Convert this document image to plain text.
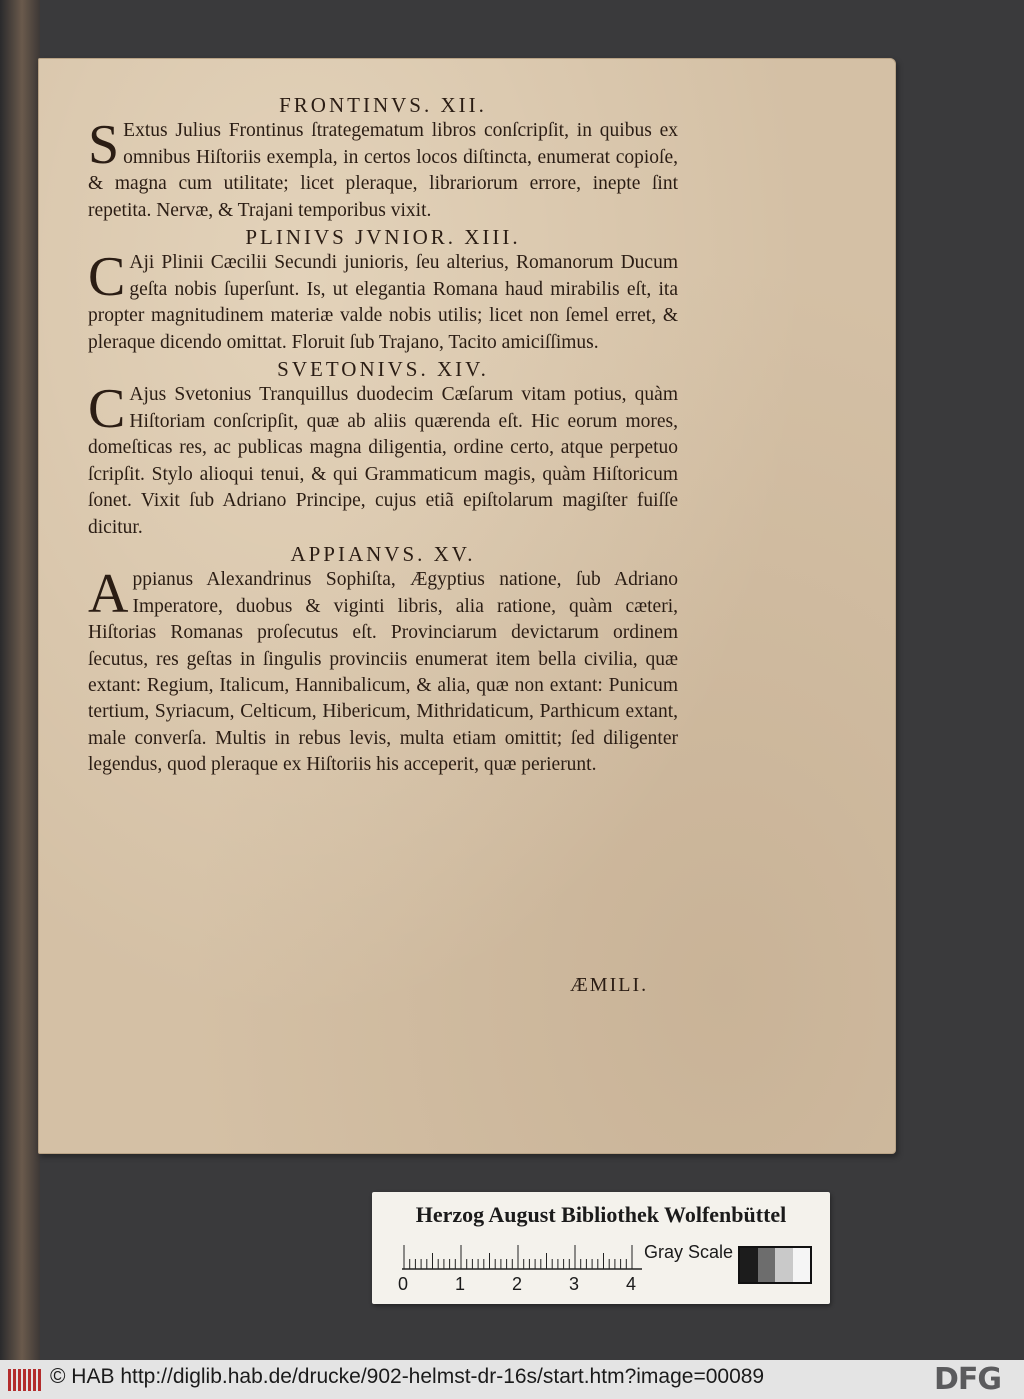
FRONTINVS. XII.

SExtus Julius Frontinus ſtrategematum libros conſcripſit, in quibus ex omnibus Hiſtoriis exempla, in certos locos diſtincta, enumerat copioſe, & magna cum utilitate; licet pleraque, librariorum errore, inepte ſint repetita. Nervæ, & Trajani temporibus vixit.

PLINIVS JVNIOR. XIII.

CAji Plinii Cæcilii Secundi junioris, ſeu alterius, Romanorum Ducum geſta nobis ſuperſunt. Is, ut elegantia Romana haud mirabilis eſt, ita propter magnitudinem materiæ valde nobis utilis; licet non ſemel erret, & pleraque dicendo omittat. Floruit ſub Trajano, Tacito amiciſſimus.

SVETONIVS. XIV.

CAjus Svetonius Tranquillus duodecim Cæſarum vitam potius, quàm Hiſtoriam conſcripſit, quæ ab aliis quærenda eſt. Hic eorum mores, domeſticas res, ac publicas magna diligentia, ordine certo, atque perpetuo ſcripſit. Stylo alioqui tenui, & qui Grammaticum magis, quàm Hiſtoricum ſonet. Vixit ſub Adriano Principe, cujus etiã epiſtolarum magiſter fuiſſe dicitur.

APPIANVS. XV.

Appianus Alexandrinus Sophiſta, Ægyptius natione, ſub Adriano Imperatore, duobus & viginti libris, alia ratione, quàm cæteri, Hiſtorias Romanas proſecutus eſt. Provinciarum devictarum ordinem ſecutus, res geſtas in ſingulis provinciis enumerat item bella civilia, quæ extant: Regium, Italicum, Hannibalicum, & alia, quæ non extant: Punicum tertium, Syriacum, Celticum, Hibericum, Mithridaticum, Parthicum extant, male converſa. Multis in rebus levis, multa etiam omittit; ſed diligenter legendus, quod pleraque ex Hiſtoriis his acceperit, quæ perierunt.

ÆMILI.
Herzog August Bibliothek Wolfenbüttel
0	1	2	3	4
Gray Scale
© HAB http://diglib.hab.de/drucke/902-helmst-dr-16s/start.htm?image=00089	DFG
